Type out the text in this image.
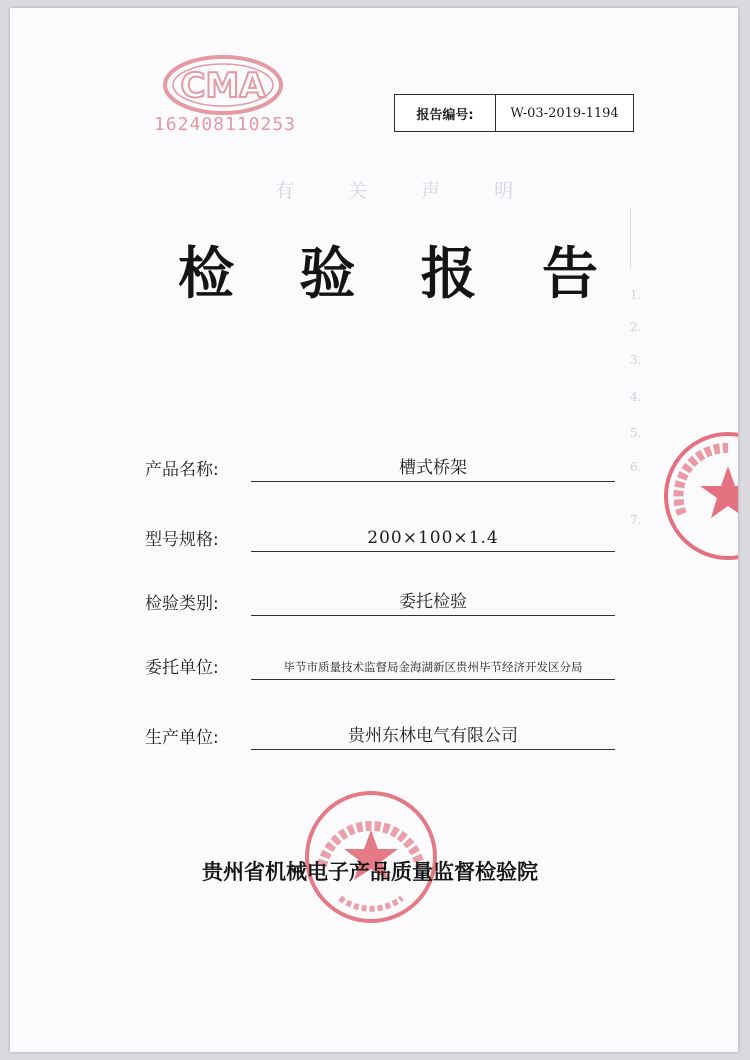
有 关 声 明
1.
2.
3.
4.
5.
6.
7.
CMA
162408110253	报告编号:	W-03-2019-1194
检 验 报 告
产品名称:	槽式桥架
型号规格:	200×100×1.4
检验类别:	委托检验
委托单位:	毕节市质量技术监督局金海湖新区贵州毕节经济开发区分局
生产单位:	贵州东林电气有限公司
贵州省机械电子产品质量监督检验院
